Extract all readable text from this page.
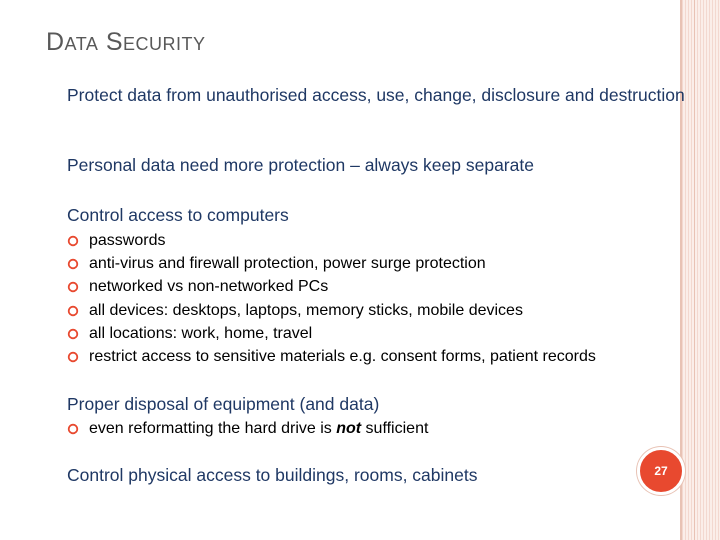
Data Security
Protect data from unauthorised access, use, change, disclosure and destruction
Personal data need more protection – always keep separate
Control access to computers
passwords
anti-virus and firewall protection, power surge protection
networked vs non-networked PCs
all devices: desktops, laptops, memory sticks, mobile devices
all locations: work, home, travel
restrict access to sensitive materials e.g. consent forms, patient records
Proper disposal of equipment (and data)
even reformatting the hard drive is not sufficient
Control physical access to buildings, rooms, cabinets	27
